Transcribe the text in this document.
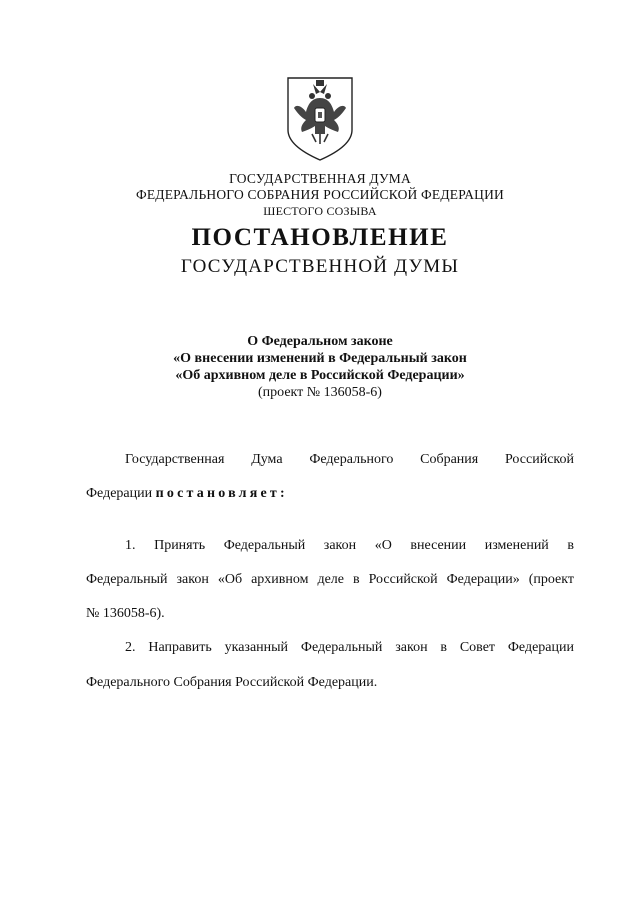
ГОСУДАРСТВЕННАЯ ДУМА
ФЕДЕРАЛЬНОГО СОБРАНИЯ РОССИЙСКОЙ ФЕДЕРАЦИИ
ШЕСТОГО СОЗЫВА
ПОСТАНОВЛЕНИЕ
ГОСУДАРСТВЕННОЙ ДУМЫ
О Федеральном законе
«О внесении изменений в Федеральный закон
«Об архивном деле в Российской Федерации»
(проект № 136058-6)
Государственная Дума Федерального Собрания Российской
Федерации постановляет:
1. Принять Федеральный закон «О внесении изменений в
Федеральный закон «Об архивном деле в Российской Федерации» (проект
№ 136058-6).
2. Направить указанный Федеральный закон в Совет Федерации
Федерального Собрания Российской Федерации.
